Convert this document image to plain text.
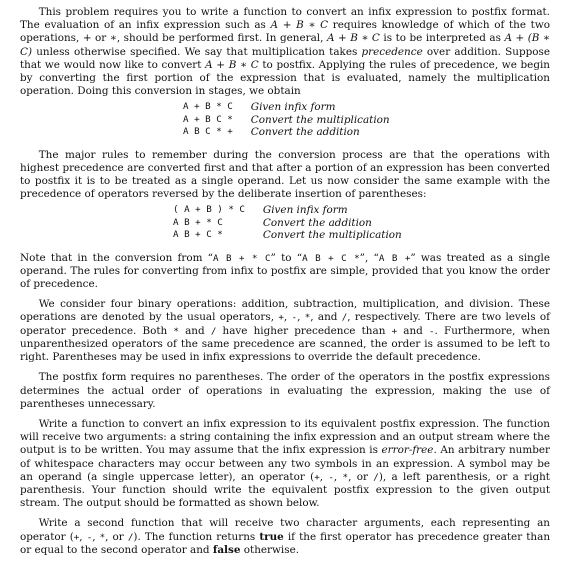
This problem requires you to write a function to convert an infix expression to postfix format. The evaluation of an infix expression such as A + B ∗ C requires knowledge of which of the two operations, + or ∗, should be performed first. In general, A + B ∗ C is to be interpreted as A + (B ∗ C) unless otherwise specified. We say that multiplication takes precedence over addition. Suppose that we would now like to convert A + B ∗ C to postfix. Applying the rules of precedence, we begin by converting the first portion of the expression that is evaluated, namely the multiplication operation. Doing this conversion in stages, we obtain

A + B * C	Given infix form
A + B C *	Convert the multiplication
A B C * +	Convert the addition

The major rules to remember during the conversion process are that the operations with highest precedence are converted first and that after a portion of an expression has been converted to postfix it is to be treated as a single operand. Let us now consider the same example with the precedence of operators reversed by the deliberate insertion of parentheses:

( A + B ) * C	Given infix form
A B + * C	Convert the addition
A B + C *	Convert the multiplication

Note that in the conversion from “A B + * C” to “A B + C *”, “A B +” was treated as a single operand. The rules for converting from infix to postfix are simple, provided that you know the order of precedence.

We consider four binary operations: addition, subtraction, multiplication, and division. These operations are denoted by the usual operators, +, -, *, and /, respectively. There are two levels of operator precedence. Both * and / have higher precedence than + and -. Furthermore, when unparenthesized operators of the same precedence are scanned, the order is assumed to be left to right. Parentheses may be used in infix expressions to override the default precedence.

The postfix form requires no parentheses. The order of the operators in the postfix expressions determines the actual order of operations in evaluating the expression, making the use of parentheses unnecessary.

Write a function to convert an infix expression to its equivalent postfix expression. The function will receive two arguments: a string containing the infix expression and an output stream where the output is to be written. You may assume that the infix expression is error-free. An arbitrary number of whitespace characters may occur between any two symbols in an expression. A symbol may be an operand (a single uppercase letter), an operator (+, -, *, or /), a left parenthesis, or a right parenthesis. Your function should write the equivalent postfix expression to the given output stream. The output should be formatted as shown below.

Write a second function that will receive two character arguments, each representing an operator (+, -, *, or /). The function returns true if the first operator has precedence greater than or equal to the second operator and false otherwise.
